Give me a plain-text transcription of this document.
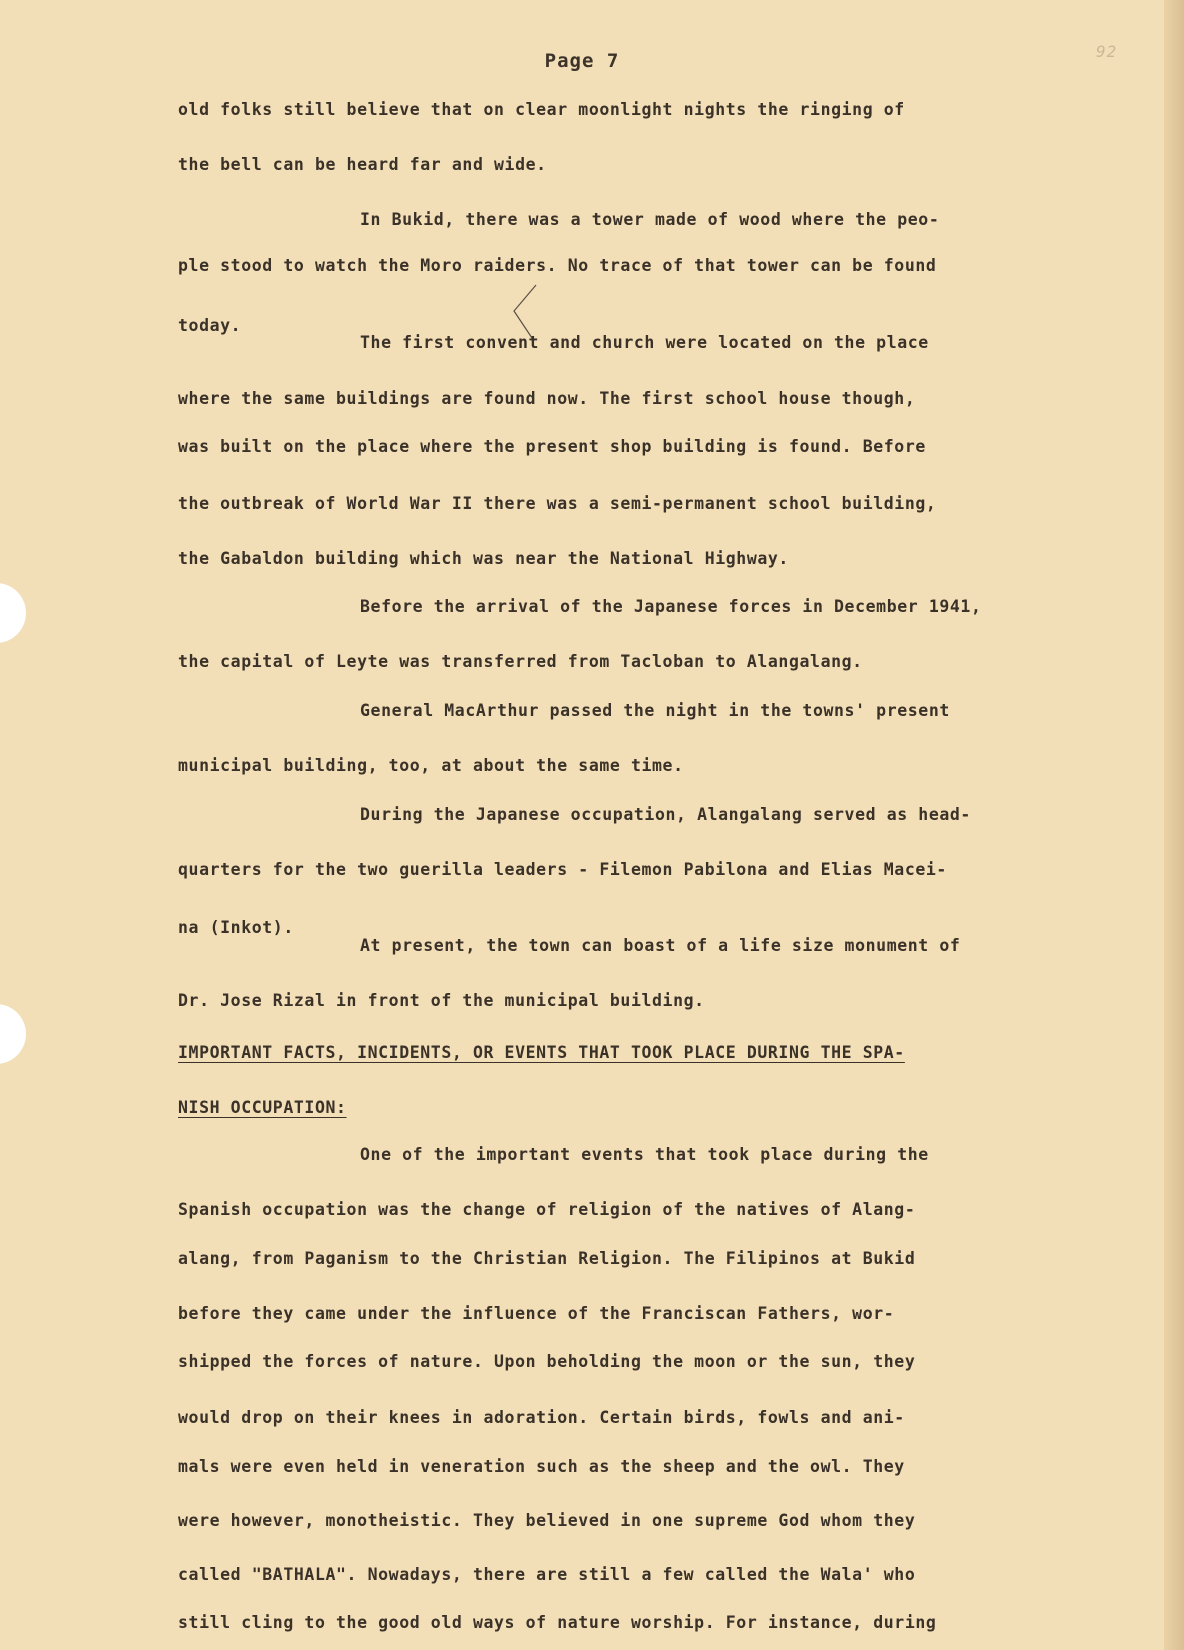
92
Page 7
old folks still believe that on clear moonlight nights the ringing of
the bell can be heard far and wide.
In Bukid, there was a tower made of wood where the peo-
ple stood to watch the Moro raiders. No trace of that tower can be found
today.
The first convent and church were located on the place
where the same buildings are found now. The first school house though,
was built on the place where the present shop building is found. Before
the outbreak of World War II there was a semi-permanent school building,
the Gabaldon building which was near the National Highway.
Before the arrival of the Japanese forces in December 1941,
the capital of Leyte was transferred from Tacloban to Alangalang.
General MacArthur passed the night in the towns' present
municipal building, too, at about the same time.
During the Japanese occupation, Alangalang served as head-
quarters for the two guerilla leaders - Filemon Pabilona and Elias Macei-
na (Inkot).
At present, the town can boast of a life size monument of
Dr. Jose Rizal in front of the municipal building.
IMPORTANT FACTS, INCIDENTS, OR EVENTS THAT TOOK PLACE DURING THE SPA-
NISH OCCUPATION:
One of the important events that took place during the
Spanish occupation was the change of religion of the natives of Alang-
alang, from Paganism to the Christian Religion. The Filipinos at Bukid
before they came under the influence of the Franciscan Fathers, wor-
shipped the forces of nature. Upon beholding the moon or the sun, they
would drop on their knees in adoration. Certain birds, fowls and ani-
mals were even held in veneration such as the sheep and the owl. They
were however, monotheistic. They believed in one supreme God whom they
called "BATHALA". Nowadays, there are still a few called the Wala' who
still cling to the good old ways of nature worship. For instance, during
